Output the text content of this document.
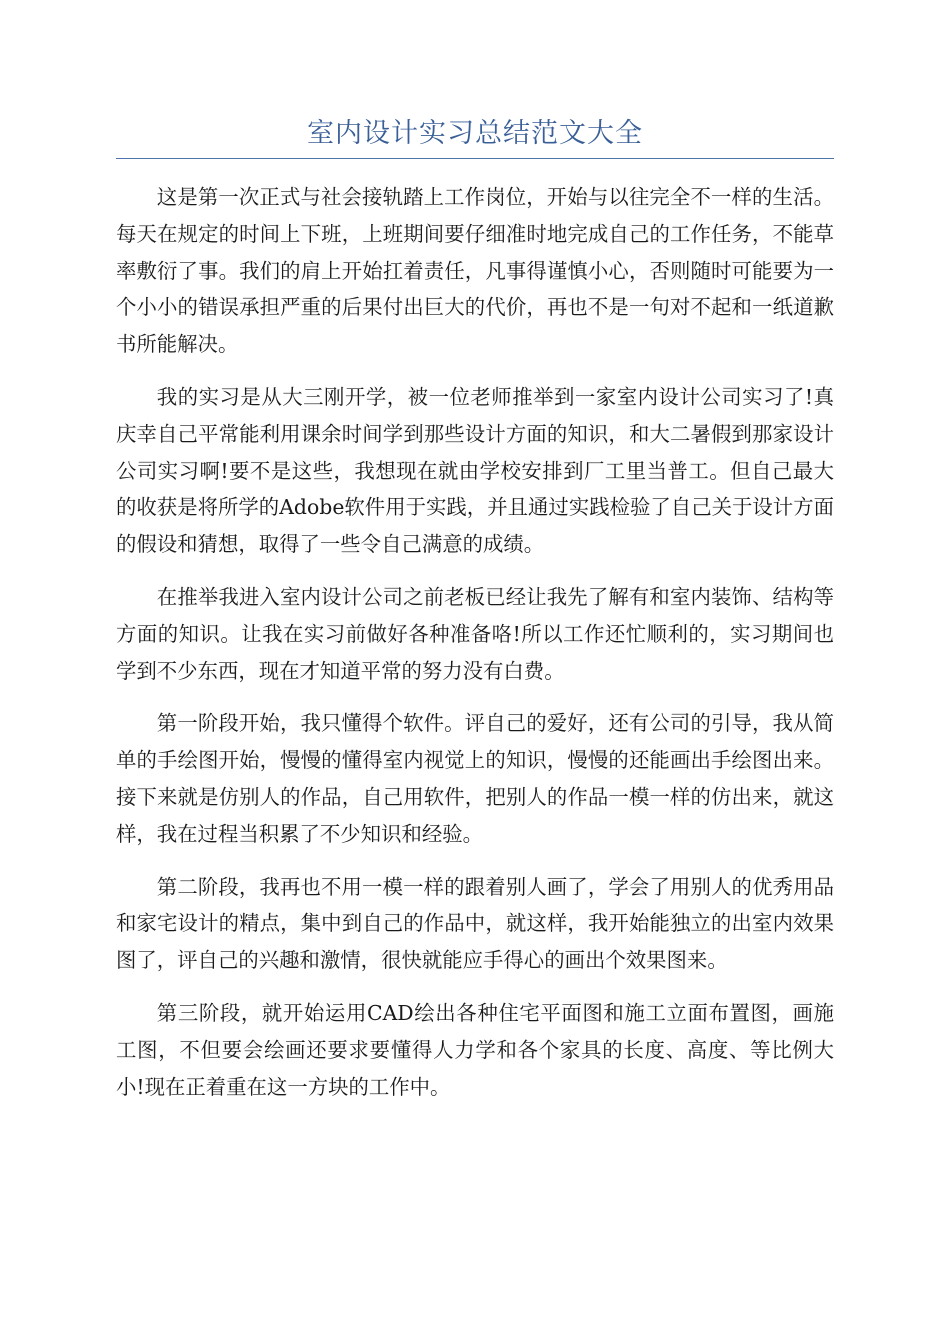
室内设计实习总结范文大全

这是第一次正式与社会接轨踏上工作岗位，开始与以往完全不一样的生活。每天在规定的时间上下班，上班期间要仔细准时地完成自己的工作任务，不能草率敷衍了事。我们的肩上开始扛着责任，凡事得谨慎小心，否则随时可能要为一个小小的错误承担严重的后果付出巨大的代价，再也不是一句对不起和一纸道歉书所能解决。

我的实习是从大三刚开学，被一位老师推举到一家室内设计公司实习了!真庆幸自己平常能利用课余时间学到那些设计方面的知识，和大二暑假到那家设计公司实习啊!要不是这些，我想现在就由学校安排到厂工里当普工。但自己最大的收获是将所学的Adobe软件用于实践，并且通过实践检验了自己关于设计方面的假设和猜想，取得了一些令自己满意的成绩。

在推举我进入室内设计公司之前老板已经让我先了解有和室内装饰、结构等方面的知识。让我在实习前做好各种准备咯!所以工作还忙顺利的，实习期间也学到不少东西，现在才知道平常的努力没有白费。

第一阶段开始，我只懂得个软件。评自己的爱好，还有公司的引导，我从简单的手绘图开始，慢慢的懂得室内视觉上的知识，慢慢的还能画出手绘图出来。接下来就是仿别人的作品，自己用软件，把别人的作品一模一样的仿出来，就这样，我在过程当积累了不少知识和经验。

第二阶段，我再也不用一模一样的跟着别人画了，学会了用别人的优秀用品和家宅设计的精点，集中到自己的作品中，就这样，我开始能独立的出室内效果图了，评自己的兴趣和激情，很快就能应手得心的画出个效果图来。

第三阶段，就开始运用CAD绘出各种住宅平面图和施工立面布置图，画施工图，不但要会绘画还要求要懂得人力学和各个家具的长度、高度、等比例大小!现在正着重在这一方块的工作中。
